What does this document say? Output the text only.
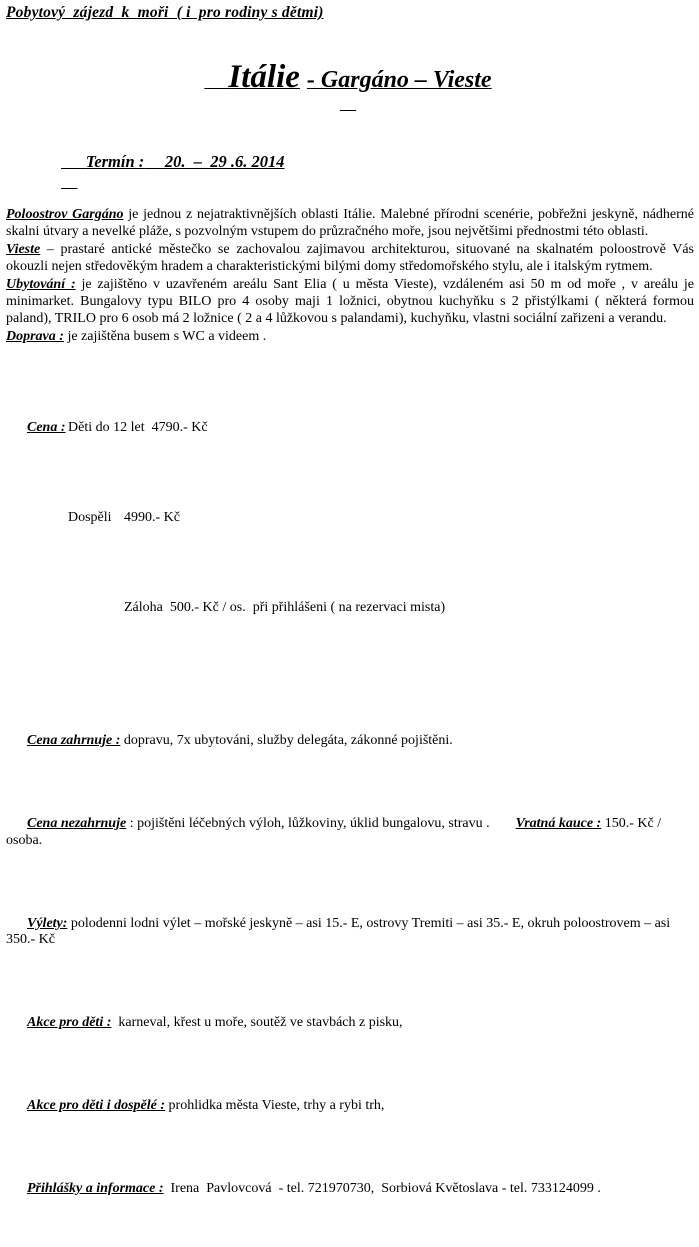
Pobytový  zájezd  k  moři  ( i  pro rodiny s dětmi)

Itálie - Gargáno – Vieste

Termín :     20.  –  29 .6. 2014

Poloostrov Gargáno je jednou z nejatraktivnějších oblasti Itálie. Malebné přírodni scenérie, pobřežni jeskyně, nádherné skalni útvary a nevelké pláže, s pozvolným vstupem do průzračného moře, jsou největšimi přednostmi této oblasti.
Vieste – prastaré antické městečko se zachovalou zajimavou architekturou, situované na skalnatém poloostrově Vás okouzli nejen středověkým hradem a charakteristickými bilými domy středomořského stylu, ale i italským rytmem.
Ubytování : je zajištěno v uzavřeném areálu Sant Elia ( u města Vieste), vzdáleném asi 50 m od moře , v areálu je minimarket. Bungalovy typu BILO pro 4 osoby maji 1 ložnici, obytnou kuchyňku s 2 přistýlkami ( některá formou paland), TRILO pro 6 osob má 2 ložnice ( 2 a 4 lůžkovou s palandami), kuchyňku, vlastni sociální zařizeni a verandu.
Doprava : je zajištěna busem s WC a videem .

Cena : Děti do 12 let  4790.- Kč

Dospěli 4990.- Kč

Záloha  500.- Kč / os.  při přihlášeni ( na rezervaci mista)

Cena zahrnuje : dopravu, 7x ubytováni, služby delegáta, zákonné pojištěni.

Cena nezahrnuje : pojištěni léčebných výloh, lůžkoviny, úklid bungalovu, stravu . Vratná kauce : 150.- Kč / osoba.

Výlety: polodenni lodni výlet – mořské jeskyně – asi 15.- E, ostrovy Tremiti – asi 35.- E, okruh poloostrovem – asi 350.- Kč

Akce pro děti :  karneval, křest u moře, soutěž ve stavbách z pisku,

Akce pro děti i dospělé : prohlidka města Vieste, trhy a rybi trh,

Přihlášky a informace :  Irena  Pavlovcová  - tel. 721970730,  Sorbiová Květoslava - tel. 733124099 .
